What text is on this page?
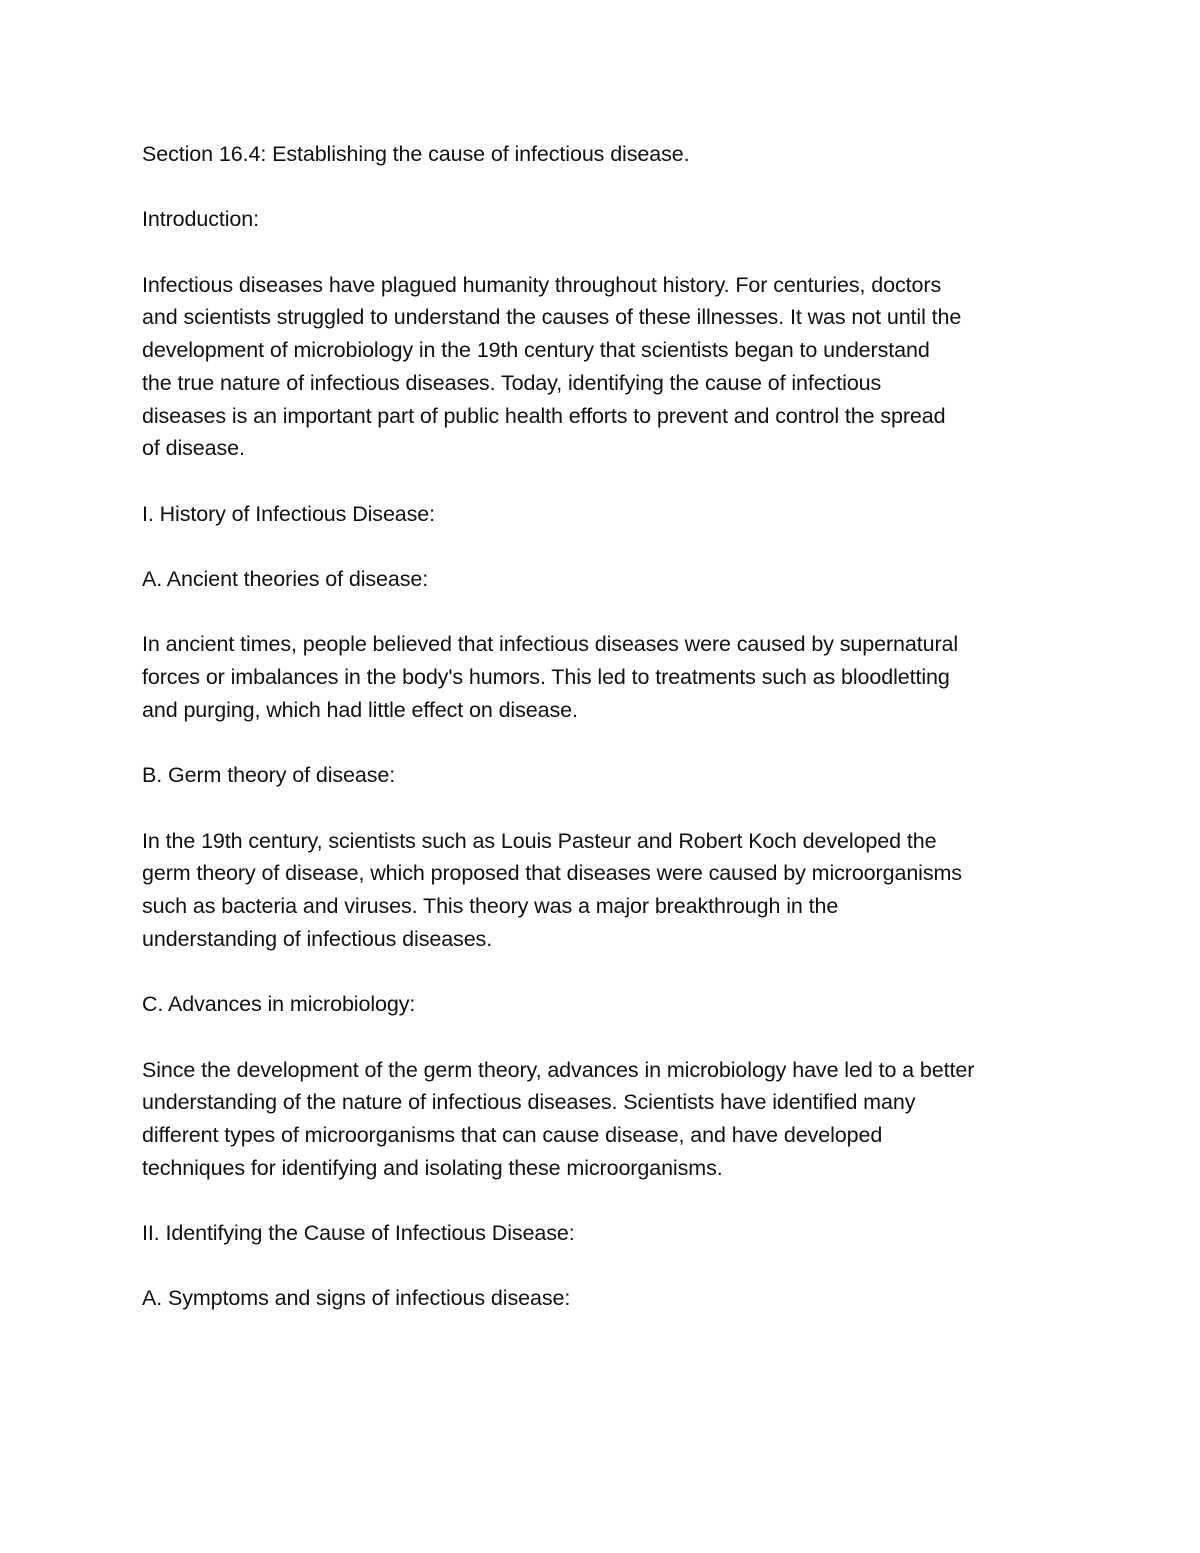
Section 16.4: Establishing the cause of infectious disease.

Introduction:

Infectious diseases have plagued humanity throughout history. For centuries, doctors
and scientists struggled to understand the causes of these illnesses. It was not until the
development of microbiology in the 19th century that scientists began to understand
the true nature of infectious diseases. Today, identifying the cause of infectious
diseases is an important part of public health efforts to prevent and control the spread
of disease.

I. History of Infectious Disease:

A. Ancient theories of disease:

In ancient times, people believed that infectious diseases were caused by supernatural
forces or imbalances in the body's humors. This led to treatments such as bloodletting
and purging, which had little effect on disease.

B. Germ theory of disease:

In the 19th century, scientists such as Louis Pasteur and Robert Koch developed the
germ theory of disease, which proposed that diseases were caused by microorganisms
such as bacteria and viruses. This theory was a major breakthrough in the
understanding of infectious diseases.

C. Advances in microbiology:

Since the development of the germ theory, advances in microbiology have led to a better
understanding of the nature of infectious diseases. Scientists have identified many
different types of microorganisms that can cause disease, and have developed
techniques for identifying and isolating these microorganisms.

II. Identifying the Cause of Infectious Disease:

A. Symptoms and signs of infectious disease:
